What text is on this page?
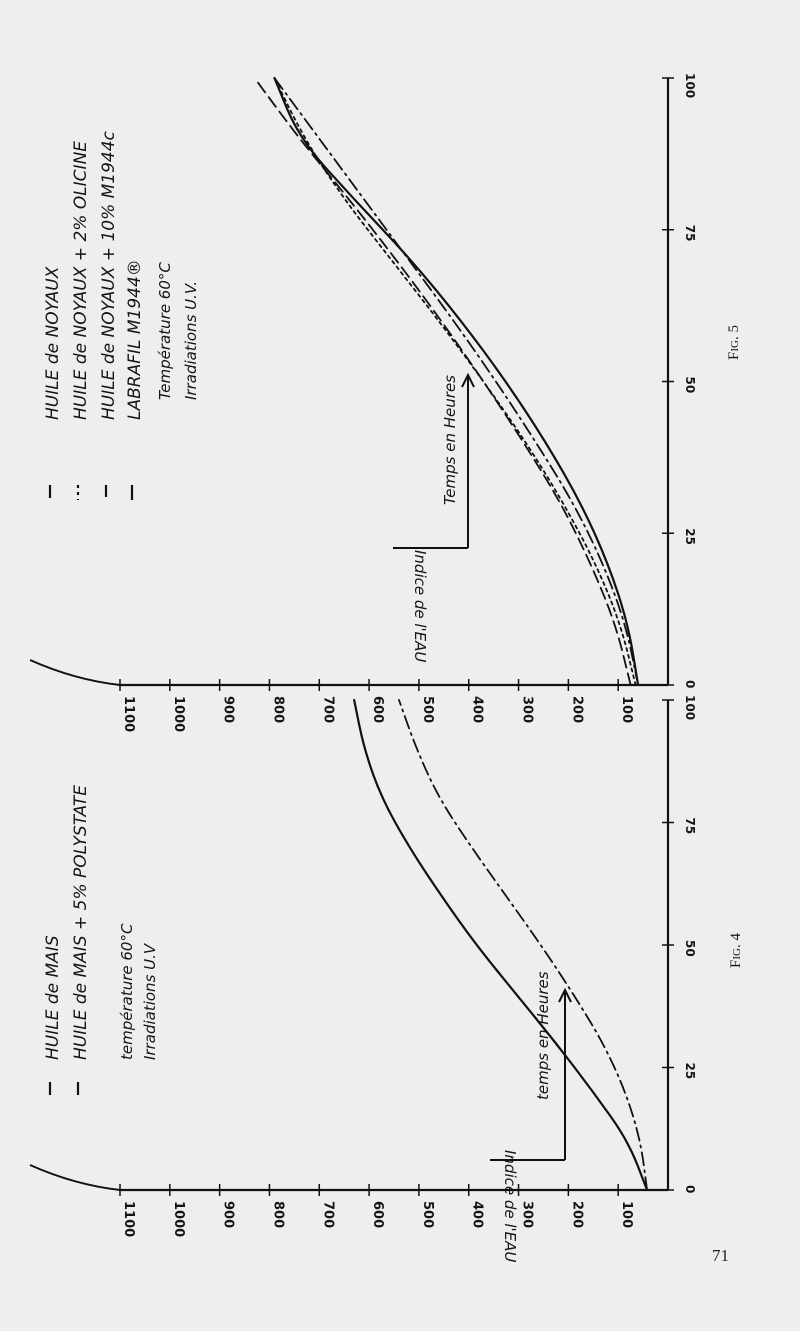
100
200
300
400
500
600
700
800
900
1000
1100
0
25
50
75
100
temps en Heures
Indice de l'EAU
Fig. 4
HUILE de MAIS HUILE de MAIS + 5% POLYSTATE température 60°C Irradiations U.V
100
200
300
400
500
600
700
800
900
1000
1100
0
25
50
75
100
Temps en Heures
Indice de l'EAU
Fig. 5
HUILE de NOYAUX HUILE de NOYAUX + 2% OLICINE HUILE de NOYAUX + 10% M1944c LABRAFIL M1944® Température 60°C Irradiations U.V.
71
